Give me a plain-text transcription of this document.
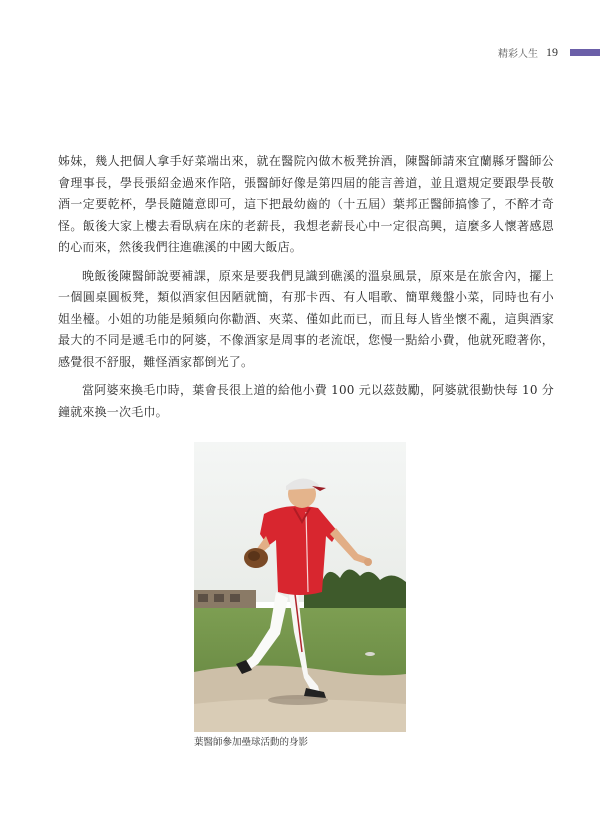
精彩人生 19

姊妹，幾人把個人拿手好菜端出來，就在醫院內做木板凳拚酒，陳醫師請來宜蘭縣牙醫師公會理事長，學長張紹金過來作陪，張醫師好像是第四屆的能言善道，並且還規定要跟學長敬酒一定要乾杯，學長隨隨意即可，這下把最幼齒的（十五屆）葉邦正醫師搞慘了，不醉才奇怪。飯後大家上樓去看臥病在床的老薪長，我想老薪長心中一定很高興，這麼多人懷著感恩的心而來，然後我們往進礁溪的中國大飯店。

晚飯後陳醫師說要補課，原來是要我們見識到礁溪的溫泉風景，原來是在旅舍內，擺上一個圓桌圓板凳，類似酒家但因陋就簡，有那卡西、有人唱歌、簡單幾盤小菜，同時也有小姐坐檯。小姐的功能是頻頻向你勸酒、夾菜、僅如此而已，而且每人皆坐懷不亂，這與酒家最大的不同是遞毛巾的阿婆，不像酒家是周事的老流氓，您慢一點給小費，他就死瞪著你，感覺很不舒服，難怪酒家都倒光了。

當阿婆來換毛巾時，葉會長很上道的給他小費 100 元以茲鼓勵，阿婆就很勤快每 10 分鐘就來換一次毛巾。

葉醫師參加壘球活動的身影
